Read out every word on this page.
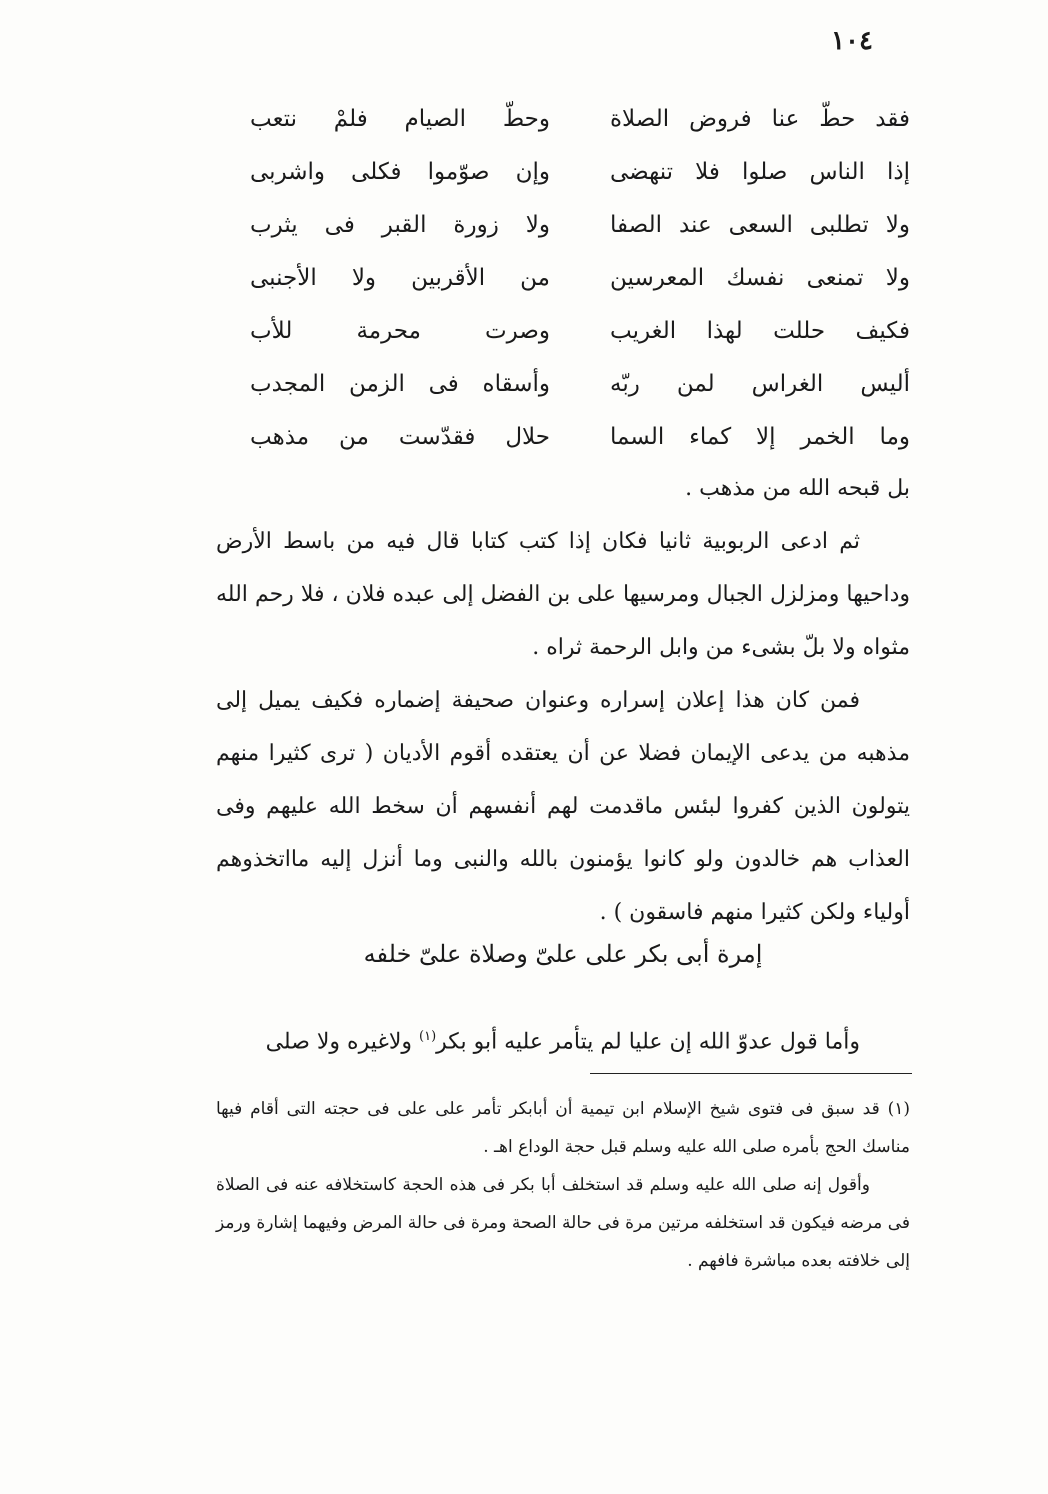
١٠٤
فقد حطّ عنا فروض الصلاة
وحطّ الصيام فلمْ نتعب
إذا الناس صلوا فلا تنهضى
وإن صوّموا فكلى واشربى
ولا تطلبى السعى عند الصفا
ولا زورة القبر فى يثرب
ولا تمنعى نفسك المعرسين
من الأقربين ولا الأجنبى
فكيف حللت لهذا الغريب
وصرت محرمة للأب
أليس الغراس لمن ربّه
وأسقاه فى الزمن المجدب
وما الخمر إلا كماء السما
حلال فقدّست من مذهب
بل قبحه الله من مذهب .
ثم ادعى الربوبية ثانيا فكان إذا كتب كتابا قال فيه من باسط الأرض وداحيها ومزلزل الجبال ومرسيها على بن الفضل إلى عبده فلان ، فلا رحم الله مثواه ولا بلّ بشىء من وابل الرحمة ثراه .
فمن كان هذا إعلان إسراره وعنوان صحيفة إضماره فكيف يميل إلى مذهبه من يدعى الإيمان فضلا عن أن يعتقده أقوم الأديان ( ترى كثيرا منهم يتولون الذين كفروا لبئس ماقدمت لهم أنفسهم أن سخط الله عليهم وفى العذاب هم خالدون ولو كانوا يؤمنون بالله والنبى وما أنزل إليه مااتخذوهم أولياء ولكن كثيرا منهم فاسقون ) .
إمرة أبى بكر على علىّ وصلاة علىّ خلفه
وأما قول عدوّ الله إن عليا لم يتأمر عليه أبو بكر$^{(١)}$ ولاغيره ولا صلى

(١) قد سبق فى فتوى شيخ الإسلام ابن تيمية أن أبابكر تأمر على على فى حجته التى أقام فيها مناسك الحج بأمره صلى الله عليه وسلم قبل حجة الوداع اهـ .

وأقول إنه صلى الله عليه وسلم قد استخلف أبا بكر فى هذه الحجة كاستخلافه عنه فى الصلاة فى مرضه فيكون قد استخلفه مرتين مرة فى حالة الصحة ومرة فى حالة المرض وفيهما إشارة ورمز إلى خلافته بعده مباشرة فافهم .
